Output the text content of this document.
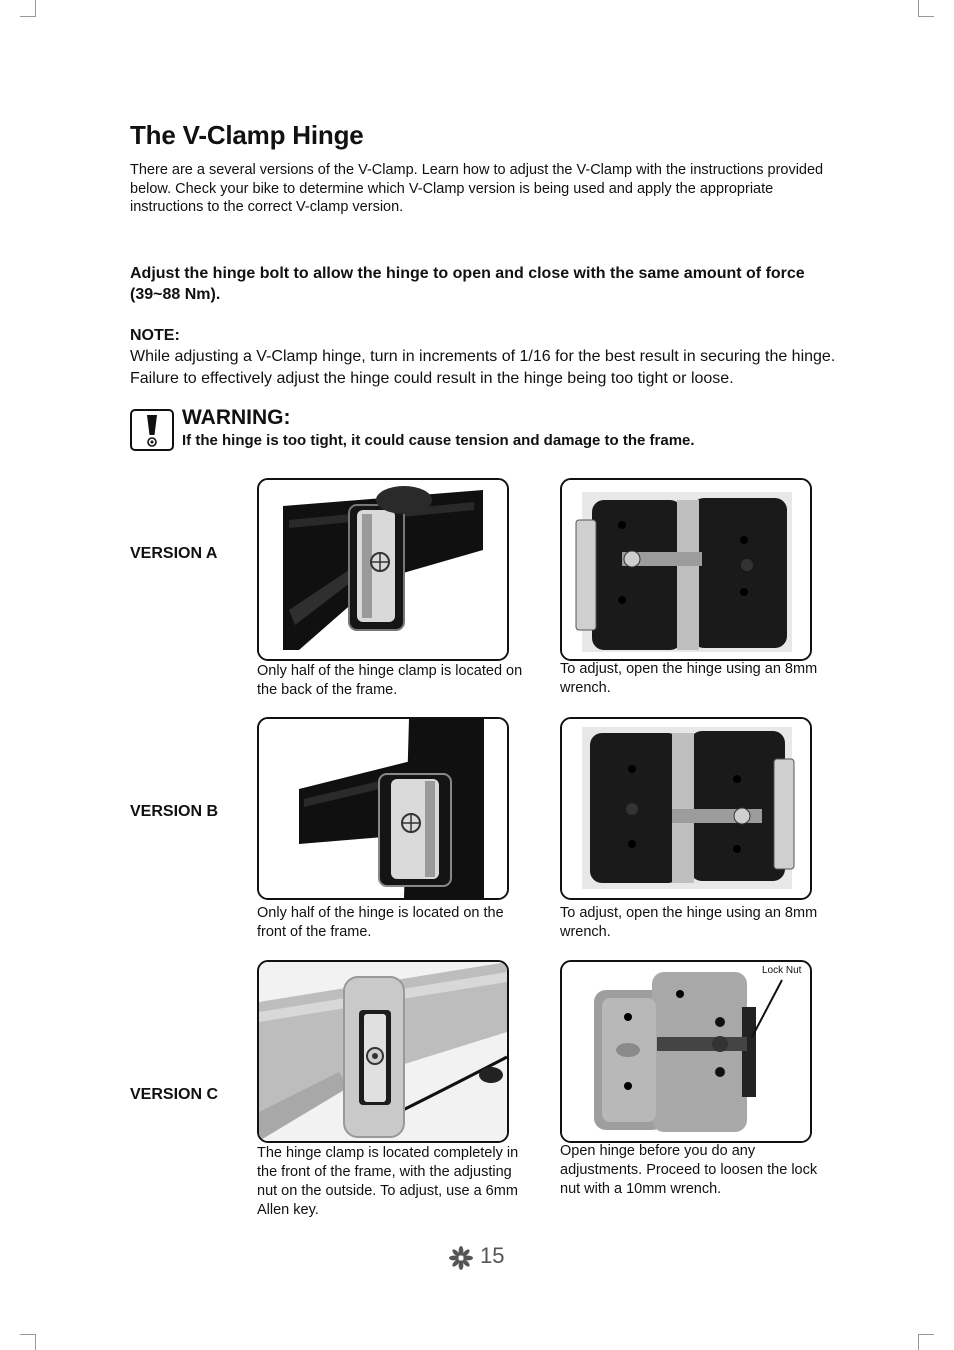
The V-Clamp Hinge

There are a several versions of the V-Clamp. Learn how to adjust the V-Clamp with the instructions provided below. Check your bike to determine which V-Clamp version is being used and apply the appropriate instructions to the correct V-clamp version.

Adjust the hinge bolt to allow the hinge to open and close with the same amount of force (39~88 Nm).

NOTE:

While adjusting a V-Clamp hinge, turn in increments of 1/16 for the best result in securing the hinge. Failure to effectively adjust the hinge could result in the hinge being too tight or loose.

WARNING:

If the hinge is too tight, it could cause tension and damage to the frame.

VERSION A

Only half of the hinge clamp is located on the back of the frame.

To adjust, open the hinge using an 8mm wrench.

VERSION B

Only half of the hinge is located on the front of the frame.

To adjust, open the hinge using an 8mm wrench.

VERSION C

Lock Nut

The hinge clamp is located completely in the front of the frame, with the adjusting nut on the outside. To adjust, use a 6mm Allen key.

Open hinge before you do any adjustments. Proceed to loosen the lock nut with a 10mm wrench.

15
